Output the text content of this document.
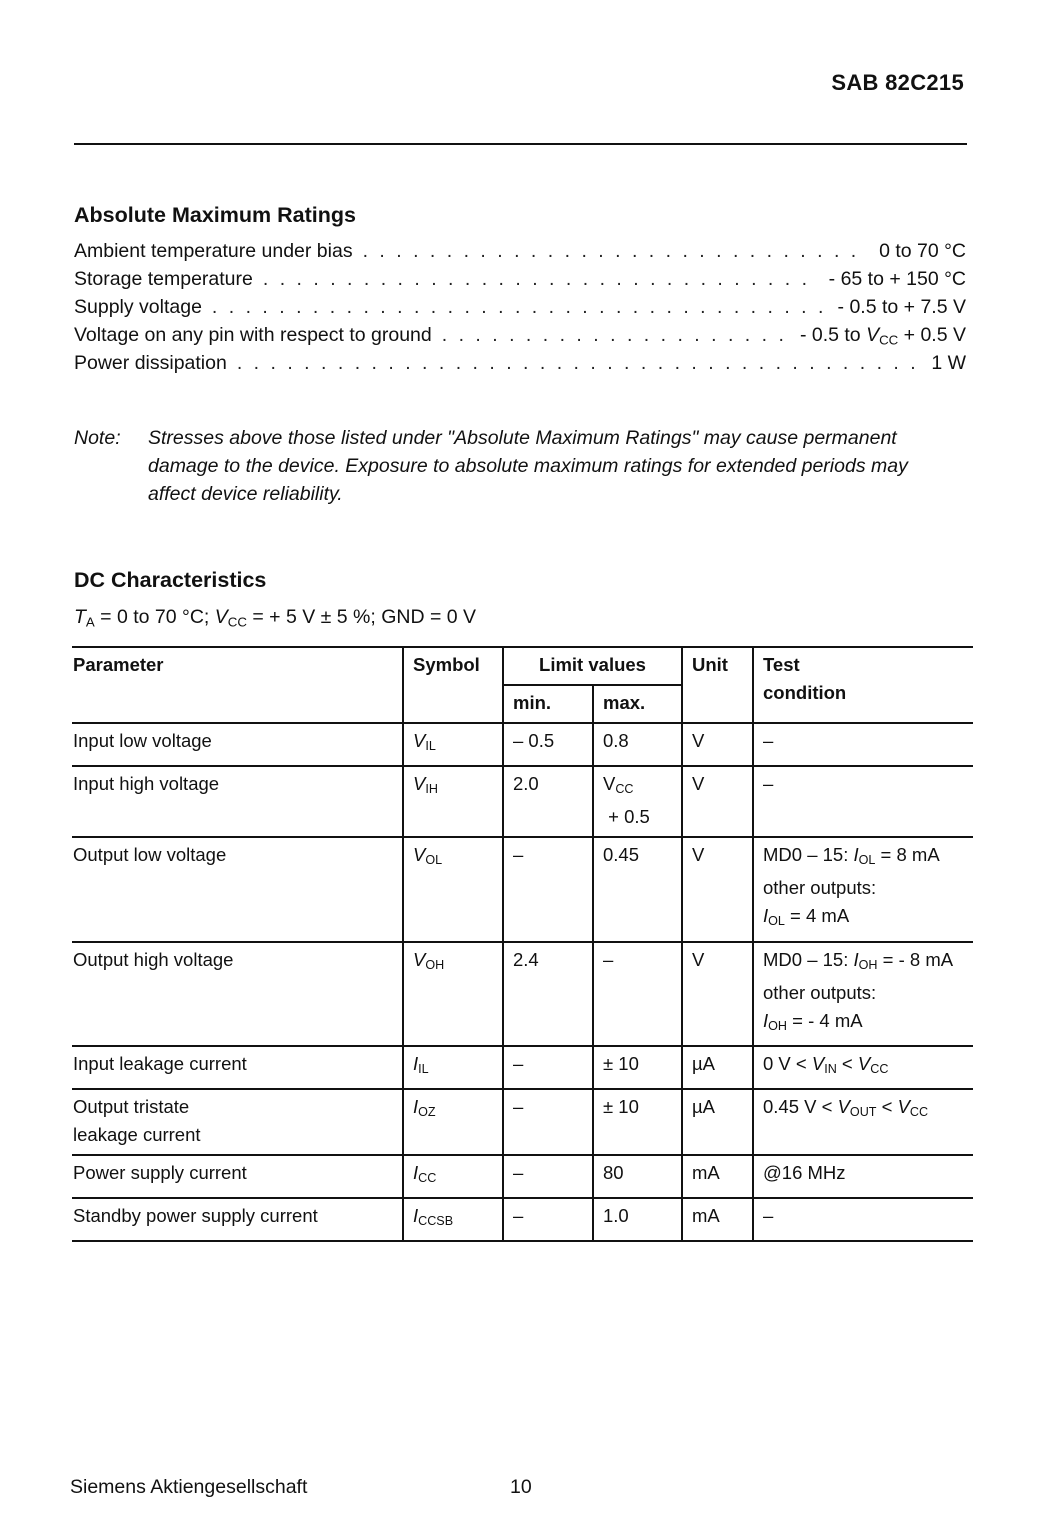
SAB 82C215
Absolute Maximum Ratings
Ambient temperature under bias . . .	0 to 70 °C
Storage temperature . . .	- 65 to + 150 °C
Supply voltage . . .	- 0.5 to + 7.5 V
Voltage on any pin with respect to ground . . .	- 0.5 to $V_{CC} + 0.5$ V
Power dissipation . . .	1 W
Note:	Stresses above those listed under "Absolute Maximum Ratings" may cause permanent damage to the device. Exposure to absolute maximum ratings for extended periods may affect device reliability.
DC Characteristics
$T_A = 0$ to 70 °C; $V_{CC}$ = + 5 V ± 5 %; GND = 0 V
Parameter	Symbol	Limit values		Unit	Test
condition
		min.	max.		
Input low voltage	$V_{IL}$	– 0.5	0.8	V	–
Input high voltage	$V_{IH}$	2.0	$V_{CC}$
+ 0.5	V	–
Output low voltage	$V_{OL}$	–	0.45	V	MD0 – 15: $I_{OL} = 8$ mA
other outputs:
$I_{OL} = 4$ mA
Output high voltage	$V_{OH}$	2.4	–	V	MD0 – 15: $I_{OH}$ = - 8 mA
other outputs:
$I_{OH}$ = - 4 mA
Input leakage current	$I_{IL}$	–	± 10	µA	0 $V < V_{IN} < V_{CC}$
Output tristate
leakage current	$I_{OZ}$	–	± 10	µA	0.45 $V < V_{OUT} < V_{CC}$
Power supply current	$I_{CC}$	–	80	mA	@16 MHz
Standby power supply current	$I_{CCSB}$	–	1.0	mA	–
Siemens Aktiengesellschaft	10
